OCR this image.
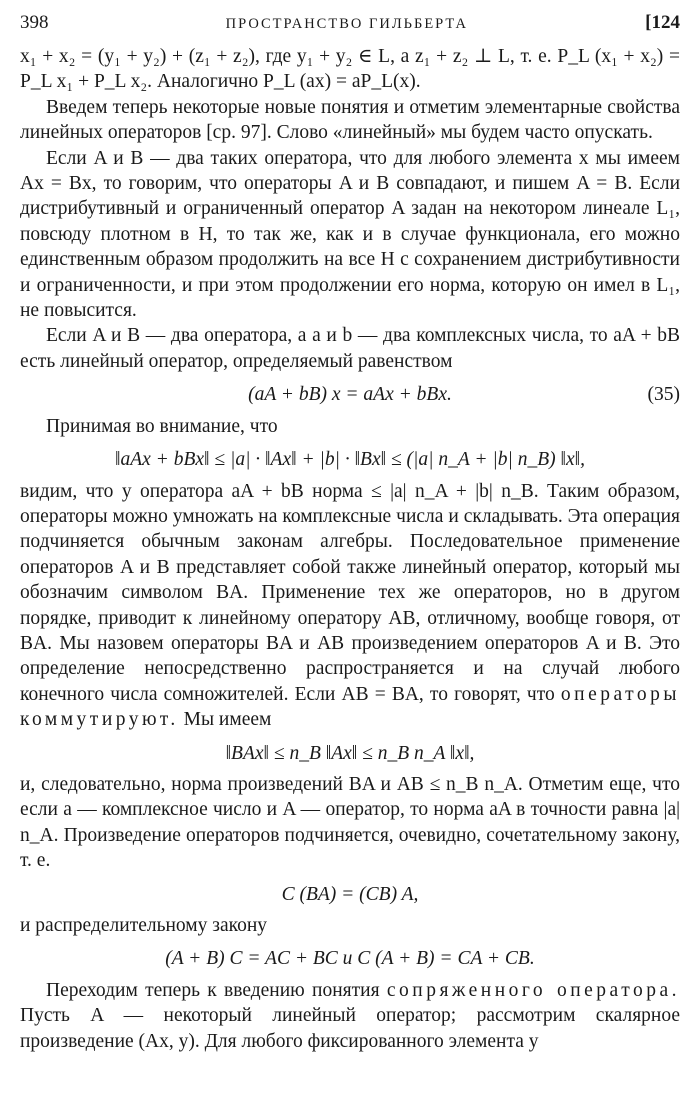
398	ПРОСТРАНСТВО ГИЛЬБЕРТА	[124

x₁ + x₂ = (y₁ + y₂) + (z₁ + z₂), где y₁ + y₂ ∈ L, а z₁ + z₂ ⊥ L, т. е. P_L (x₁ + x₂) = P_L x₁ + P_L x₂. Аналогично P_L (ax) = aP_L(x).

Введем теперь некоторые новые понятия и отметим элементарные свойства линейных операторов [ср. 97]. Слово «линейный» мы будем часто опускать.

Если A и B — два таких оператора, что для любого элемента x мы имеем Ax = Bx, то говорим, что операторы A и B совпадают, и пишем A = B. Если дистрибутивный и ограниченный оператор A задан на некотором линеале L₁, повсюду плотном в H, то так же, как и в случае функционала, его можно единственным образом продолжить на все H с сохранением дистрибутивности и ограниченности, и при этом продолжении его норма, которую он имел в L₁, не повысится.

Если A и B — два оператора, а a и b — два комплексных числа, то aA + bB есть линейный оператор, определяемый равенством

(aA + bB) x = aAx + bBx.	(35)

Принимая во внимание, что

‖aAx + bBx‖ ≤ |a| · ‖Ax‖ + |b| · ‖Bx‖ ≤ (|a| n_A + |b| n_B) ‖x‖,

видим, что у оператора aA + bB норма ≤ |a| n_A + |b| n_B. Таким образом, операторы можно умножать на комплексные числа и складывать. Эта операция подчиняется обычным законам алгебры. Последовательное применение операторов A и B представляет собой также линейный оператор, который мы обозначим символом BA. Применение тех же операторов, но в другом порядке, приводит к линейному оператору AB, отличному, вообще говоря, от BA. Мы назовем операторы BA и AB произведением операторов A и B. Это определение непосредственно распространяется и на случай любого конечного числа сомножителей. Если AB = BA, то говорят, что операторы коммутируют. Мы имеем

‖BAx‖ ≤ n_B ‖Ax‖ ≤ n_B n_A ‖x‖,

и, следовательно, норма произведений BA и AB ≤ n_B n_A. Отметим еще, что если a — комплексное число и A — оператор, то норма aA в точности равна |a| n_A. Произведение операторов подчиняется, очевидно, сочетательному закону, т. е.

C (BA) = (CB) A,

и распределительному закону

(A + B) C = AC + BC и C (A + B) = CA + CB.

Переходим теперь к введению понятия сопряженного оператора. Пусть A — некоторый линейный оператор; рассмотрим скалярное произведение (Ax, y). Для любого фиксированного элемента y
